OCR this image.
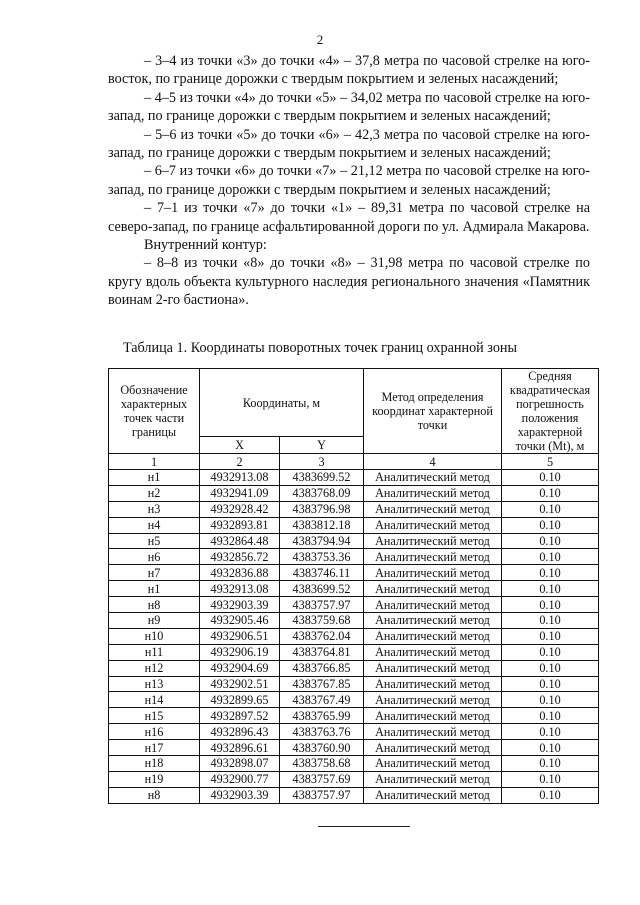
2

– 3–4 из точки «3» до точки «4» – 37,8 метра по часовой стрелке на юго-восток, по границе дорожки с твердым покрытием и зеленых насаждений;

– 4–5 из точки «4» до точки «5» – 34,02 метра по часовой стрелке на юго-запад, по границе дорожки с твердым покрытием и зеленых насаждений;

– 5–6 из точки «5» до точки «6» – 42,3 метра по часовой стрелке на юго-запад, по границе дорожки с твердым покрытием и зеленых насаждений;

– 6–7 из точки «6» до точки «7» – 21,12 метра по часовой стрелке на юго-запад, по границе дорожки с твердым покрытием и зеленых насаждений;

– 7–1 из точки «7» до точки «1» – 89,31 метра по часовой стрелке на северо-запад, по границе асфальтированной дороги по ул. Адмирала Макарова.

Внутренний контур:

– 8–8 из точки «8» до точки «8» – 31,98 метра по часовой стрелке по кругу вдоль объекта культурного наследия регионального значения «Памятник воинам 2-го бастиона».

Таблица 1. Координаты поворотных точек границ охранной зоны
Обозначение характерных точек части границы	Координаты, м		Метод определения координат характерной точки	Средняя квадратическая погрешность положения характерной точки (Mt), м
	X	Y		
1	2	3	4	5
н1	4932913.08	4383699.52	Аналитический метод	0.10
н2	4932941.09	4383768.09	Аналитический метод	0.10
н3	4932928.42	4383796.98	Аналитический метод	0.10
н4	4932893.81	4383812.18	Аналитический метод	0.10
н5	4932864.48	4383794.94	Аналитический метод	0.10
н6	4932856.72	4383753.36	Аналитический метод	0.10
н7	4932836.88	4383746.11	Аналитический метод	0.10
н1	4932913.08	4383699.52	Аналитический метод	0.10
н8	4932903.39	4383757.97	Аналитический метод	0.10
н9	4932905.46	4383759.68	Аналитический метод	0.10
н10	4932906.51	4383762.04	Аналитический метод	0.10
н11	4932906.19	4383764.81	Аналитический метод	0.10
н12	4932904.69	4383766.85	Аналитический метод	0.10
н13	4932902.51	4383767.85	Аналитический метод	0.10
н14	4932899.65	4383767.49	Аналитический метод	0.10
н15	4932897.52	4383765.99	Аналитический метод	0.10
н16	4932896.43	4383763.76	Аналитический метод	0.10
н17	4932896.61	4383760.90	Аналитический метод	0.10
н18	4932898.07	4383758.68	Аналитический метод	0.10
н19	4932900.77	4383757.69	Аналитический метод	0.10
н8	4932903.39	4383757.97	Аналитический метод	0.10
